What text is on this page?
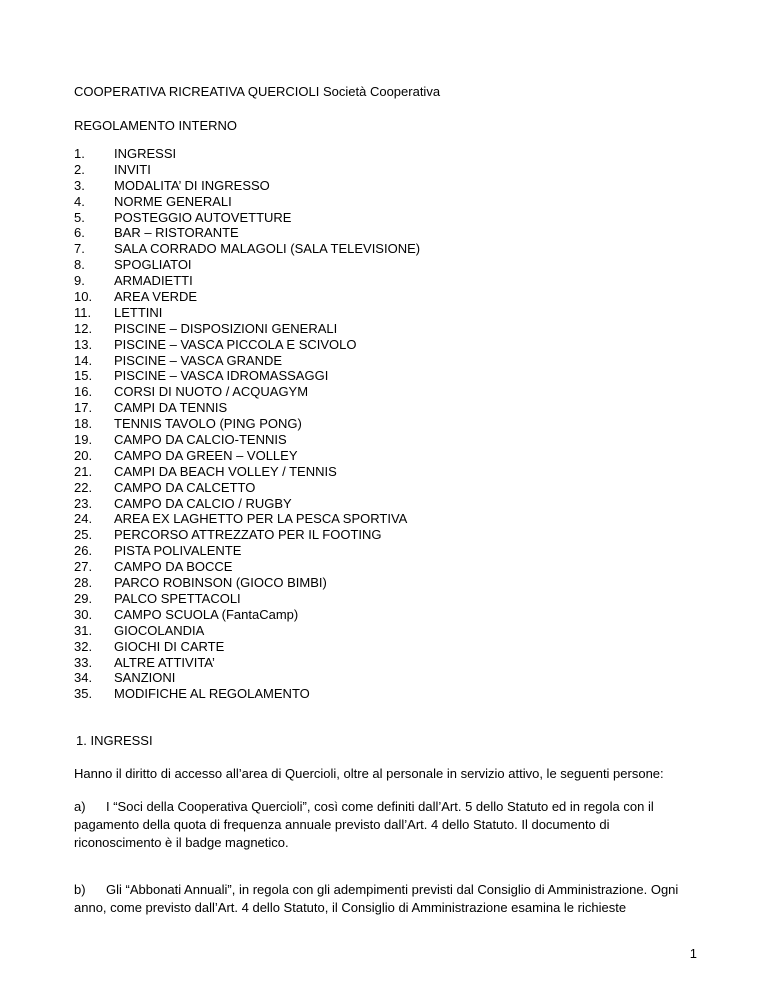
COOPERATIVA RICREATIVA QUERCIOLI Società Cooperativa
REGOLAMENTO INTERNO
1. INGRESSI
2. INVITI
3. MODALITA’ DI INGRESSO
4. NORME GENERALI
5. POSTEGGIO AUTOVETTURE
6. BAR – RISTORANTE
7. SALA CORRADO MALAGOLI (SALA TELEVISIONE)
8. SPOGLIATOI
9. ARMADIETTI
10. AREA VERDE
11. LETTINI
12. PISCINE – DISPOSIZIONI GENERALI
13. PISCINE – VASCA PICCOLA E SCIVOLO
14. PISCINE – VASCA GRANDE
15. PISCINE – VASCA IDROMASSAGGI
16. CORSI DI NUOTO / ACQUAGYM
17. CAMPI DA TENNIS
18. TENNIS TAVOLO (PING PONG)
19. CAMPO DA CALCIO-TENNIS
20. CAMPO DA GREEN – VOLLEY
21. CAMPI DA BEACH VOLLEY / TENNIS
22. CAMPO DA CALCETTO
23. CAMPO DA CALCIO / RUGBY
24. AREA EX LAGHETTO PER LA PESCA SPORTIVA
25. PERCORSO ATTREZZATO PER IL FOOTING
26. PISTA POLIVALENTE
27. CAMPO DA BOCCE
28. PARCO ROBINSON (GIOCO BIMBI)
29. PALCO SPETTACOLI
30. CAMPO SCUOLA (FantaCamp)
31. GIOCOLANDIA
32. GIOCHI DI CARTE
33. ALTRE ATTIVITA’
34. SANZIONI
35. MODIFICHE AL REGOLAMENTO
1. INGRESSI
Hanno il diritto di accesso all’area di Quercioli, oltre al personale in servizio attivo, le seguenti persone:
a) I “Soci della Cooperativa Quercioli”, così come definiti dall’Art. 5 dello Statuto ed in regola con il pagamento della quota di frequenza annuale previsto dall’Art. 4 dello Statuto. Il documento di riconoscimento è il badge magnetico.
b) Gli “Abbonati Annuali”, in regola con gli adempimenti previsti dal Consiglio di Amministrazione. Ogni anno, come previsto dall’Art. 4 dello Statuto, il Consiglio di Amministrazione esamina le richieste
1
